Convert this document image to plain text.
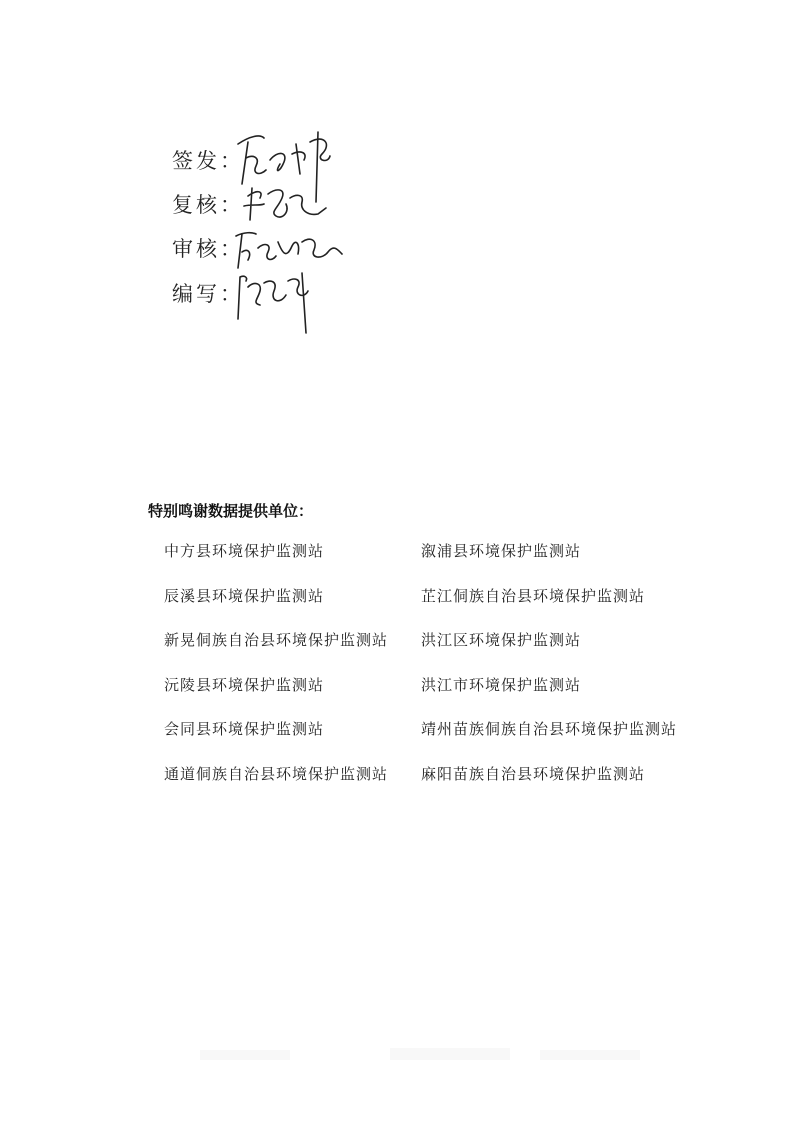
签发：
复核：
审核：
编写：
特别鸣谢数据提供单位：
中方县环境保护监测站	溆浦县环境保护监测站
辰溪县环境保护监测站	芷江侗族自治县环境保护监测站
新晃侗族自治县环境保护监测站 洪江区环境保护监测站
沅陵县环境保护监测站	洪江市环境保护监测站
会同县环境保护监测站	靖州苗族侗族自治县环境保护监测站
通道侗族自治县环境保护监测站 麻阳苗族自治县环境保护监测站
